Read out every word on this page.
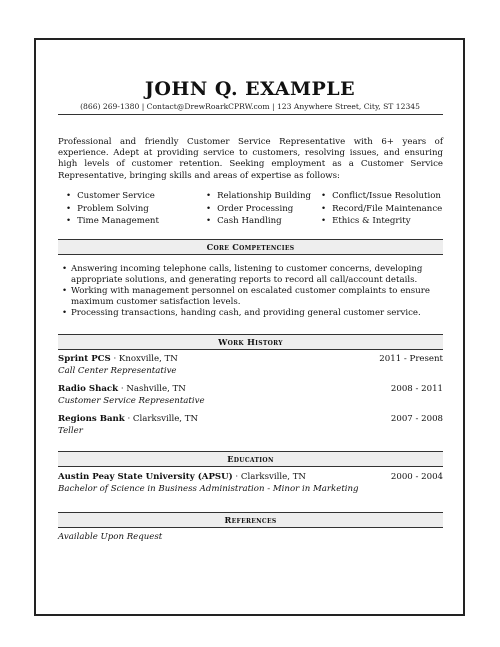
JOHN Q. EXAMPLE
(866) 269-1380 | Contact@DrewRoarkCPRW.com | 123 Anywhere Street, City, ST 12345
Professional and friendly Customer Service Representative with 6+ years of experience. Adept at providing service to customers, resolving issues, and ensuring high levels of customer retention. Seeking employment as a Customer Service Representative, bringing skills and areas of expertise as follows:
• Customer Service
• Problem Solving
• Time Management
• Relationship Building
• Order Processing
• Cash Handling
• Conflict/Issue Resolution
• Record/File Maintenance
• Ethics & Integrity
Core Competencies
• Answering incoming telephone calls, listening to customer concerns, developing appropriate solutions, and generating reports to record all call/account details.
• Working with management personnel on escalated customer complaints to ensure maximum customer satisfaction levels.
• Processing transactions, handing cash, and providing general customer service.
Work History
Sprint PCS · Knoxville, TN	2011 - Present
Call Center Representative
Radio Shack · Nashville, TN	2008 - 2011
Customer Service Representative
Regions Bank · Clarksville, TN	2007 - 2008
Teller
Education
Austin Peay State University (APSU) · Clarksville, TN	2000 - 2004
Bachelor of Science in Business Administration - Minor in Marketing
References
Available Upon Request
